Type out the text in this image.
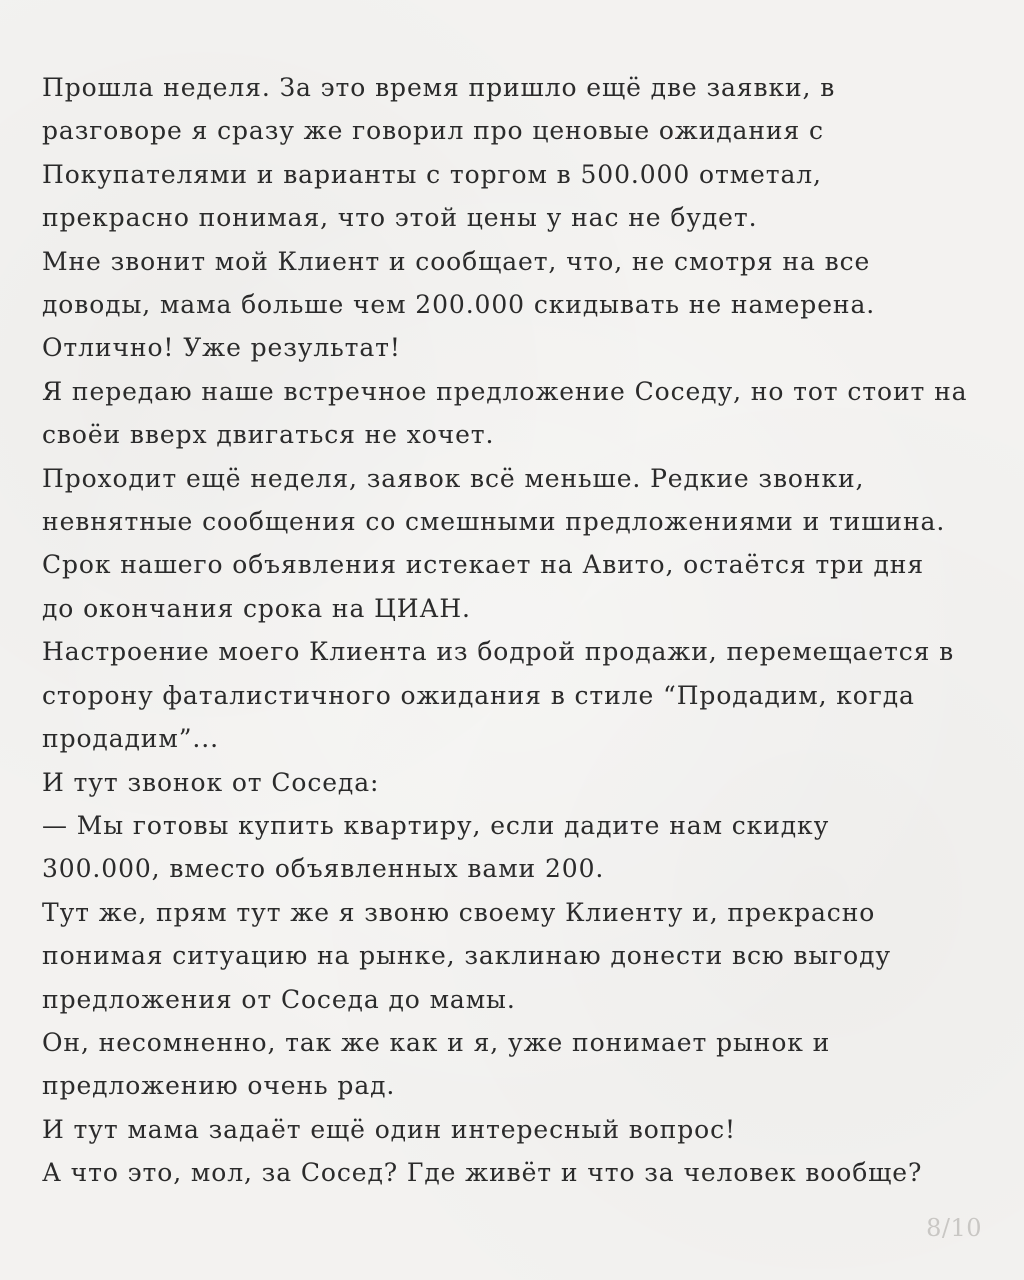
Прошла неделя. За это время пришло ещё две заявки, в
разговоре я сразу же говорил про ценовые ожидания с
Покупателями и варианты с торгом в 500.000 отметал,
прекрасно понимая, что этой цены у нас не будет.
Мне звонит мой Клиент и сообщает, что, не смотря на все
доводы, мама больше чем 200.000 скидывать не намерена.
Отлично! Уже результат!
Я передаю наше встречное предложение Соседу, но тот стоит на
своёи вверх двигаться не хочет.
Проходит ещё неделя, заявок всё меньше. Редкие звонки,
невнятные сообщения со смешными предложениями и тишина.
Срок нашего объявления истекает на Авито, остаётся три дня
до окончания срока на ЦИАН.
Настроение моего Клиента из бодрой продажи, перемещается в
сторону фаталистичного ожидания в стиле “Продадим, когда
продадим”...
И тут звонок от Соседа:
— Мы готовы купить квартиру, если дадите нам скидку
300.000, вместо объявленных вами 200.
Тут же, прям тут же я звоню своему Клиенту и, прекрасно
понимая ситуацию на рынке, заклинаю донести всю выгоду
предложения от Соседа до мамы.
Он, несомненно, так же как и я, уже понимает рынок и
предложению очень рад.
И тут мама задаёт ещё один интересный вопрос!
А что это, мол, за Сосед? Где живёт и что за человек вообще?
8/10
